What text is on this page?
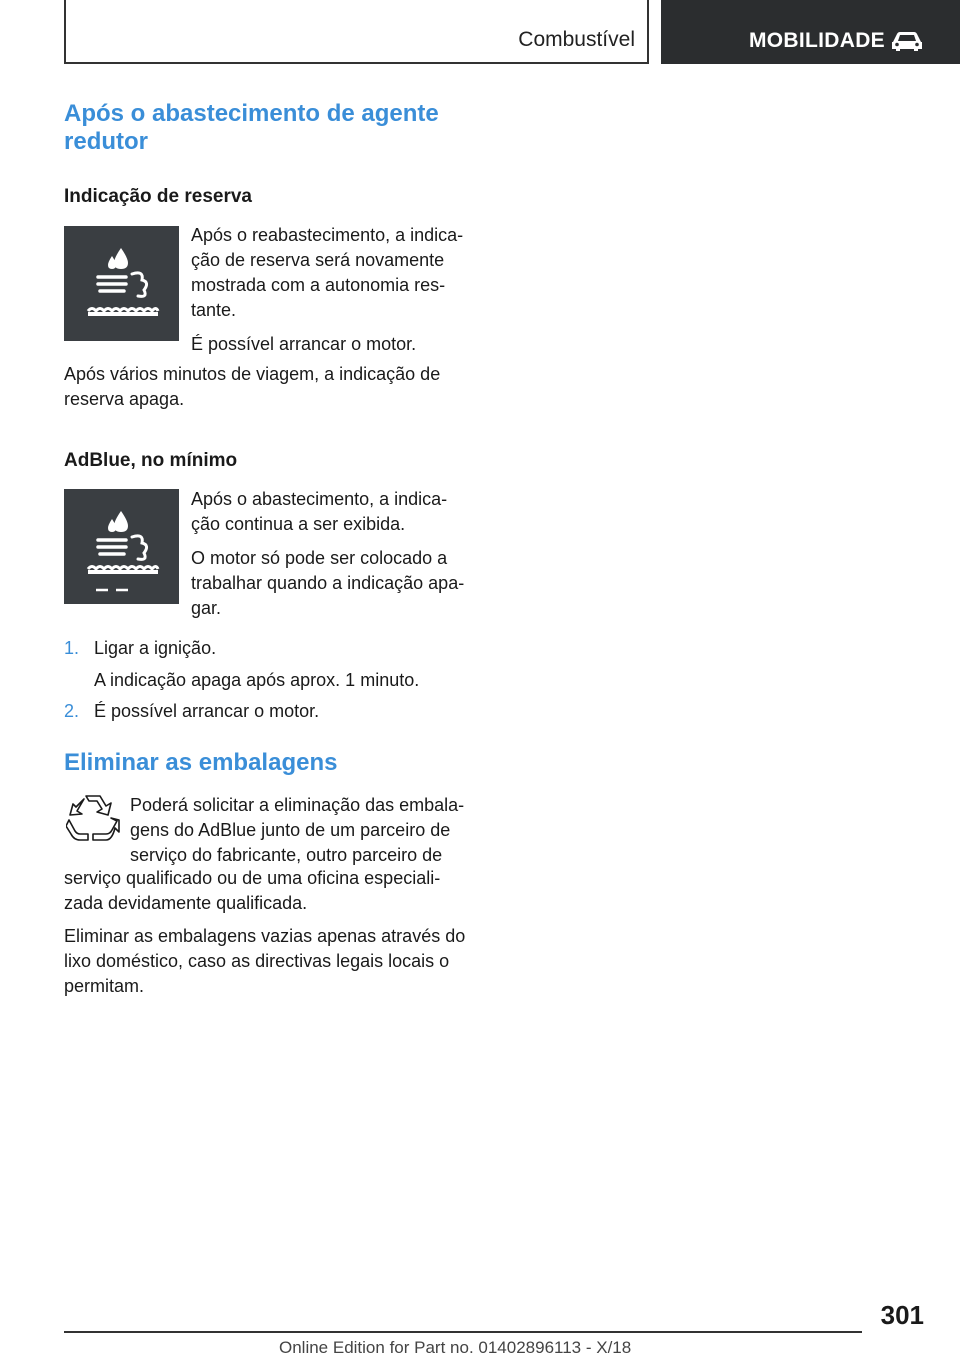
Combustível	MOBILIDADE
Após o abastecimento de agente
redutor
Indicação de reserva

Após o reabastecimento, a indica-
ção de reserva será novamente
mostrada com a autonomia res-
tante.

É possível arrancar o motor.

Após vários minutos de viagem, a indicação de
reserva apaga.

AdBlue, no mínimo

Após o abastecimento, a indica-
ção continua a ser exibida.

O motor só pode ser colocado a
trabalhar quando a indicação apa-
gar.

1. Ligar a ignição.

A indicação apaga após aprox. 1 minuto.

2. É possível arrancar o motor.

Eliminar as embalagens

Poderá solicitar a eliminação das embala-
gens do AdBlue junto de um parceiro de
serviço do fabricante, outro parceiro de

serviço qualificado ou de uma oficina especiali-
zada devidamente qualificada.

Eliminar as embalagens vazias apenas através do
lixo doméstico, caso as directivas legais locais o
permitam.

301
Online Edition for Part no. 01402896113 - X/18
